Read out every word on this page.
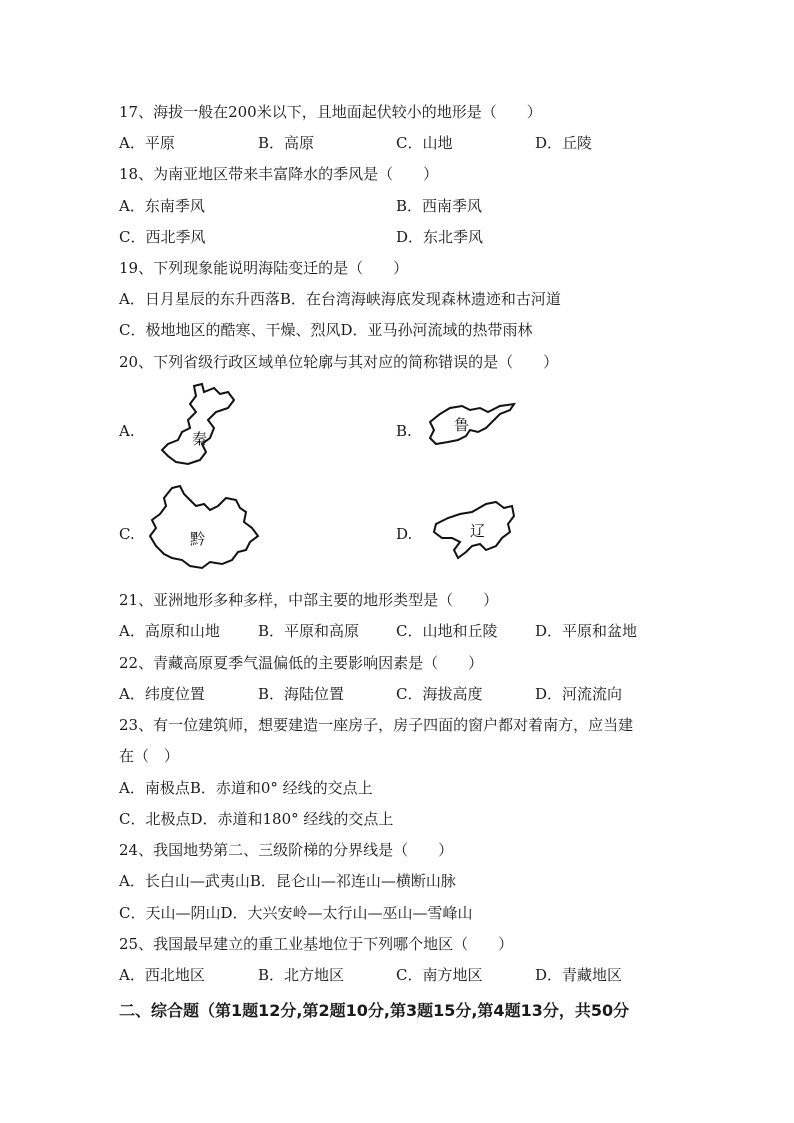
17、海拔一般在200米以下，且地面起伏较小的地形是（　　）
A．平原	B．高原	C．山地	D．丘陵
18、为南亚地区带来丰富降水的季风是（　　）
A．东南季风	B．西南季风
C．西北季风	D．东北季风
19、下列现象能说明海陆变迁的是（　　）
A．日月星辰的东升西落B．在台湾海峡海底发现森林遗迹和古河道
C．极地地区的酷寒、干燥、烈风D．亚马孙河流域的热带雨林
20、下列省级行政区域单位轮廓与其对应的简称错误的是（　　）
A.	秦	B.	鲁
C.	黔	D.	辽
21、亚洲地形多种多样，中部主要的地形类型是（　　）
A．高原和山地	B．平原和高原 C．山地和丘陵	D．平原和盆地
22、青藏高原夏季气温偏低的主要影响因素是（　　）
A．纬度位置	B．海陆位置	C．海拔高度	D．河流流向
23、有一位建筑师，想要建造一座房子，房子四面的窗户都对着南方，应当建
在（　）
A．南极点B．赤道和0° 经线的交点上
C．北极点D．赤道和180° 经线的交点上
24、我国地势第二、三级阶梯的分界线是（　　）
A．长白山—武夷山B．昆仑山—祁连山—横断山脉
C．天山—阴山D．大兴安岭—太行山—巫山—雪峰山
25、我国最早建立的重工业基地位于下列哪个地区（　　）
A．西北地区	B．北方地区	C．南方地区	D．青藏地区
二、综合题（第1题12分,第2题10分,第3题15分,第4题13分，共50分
